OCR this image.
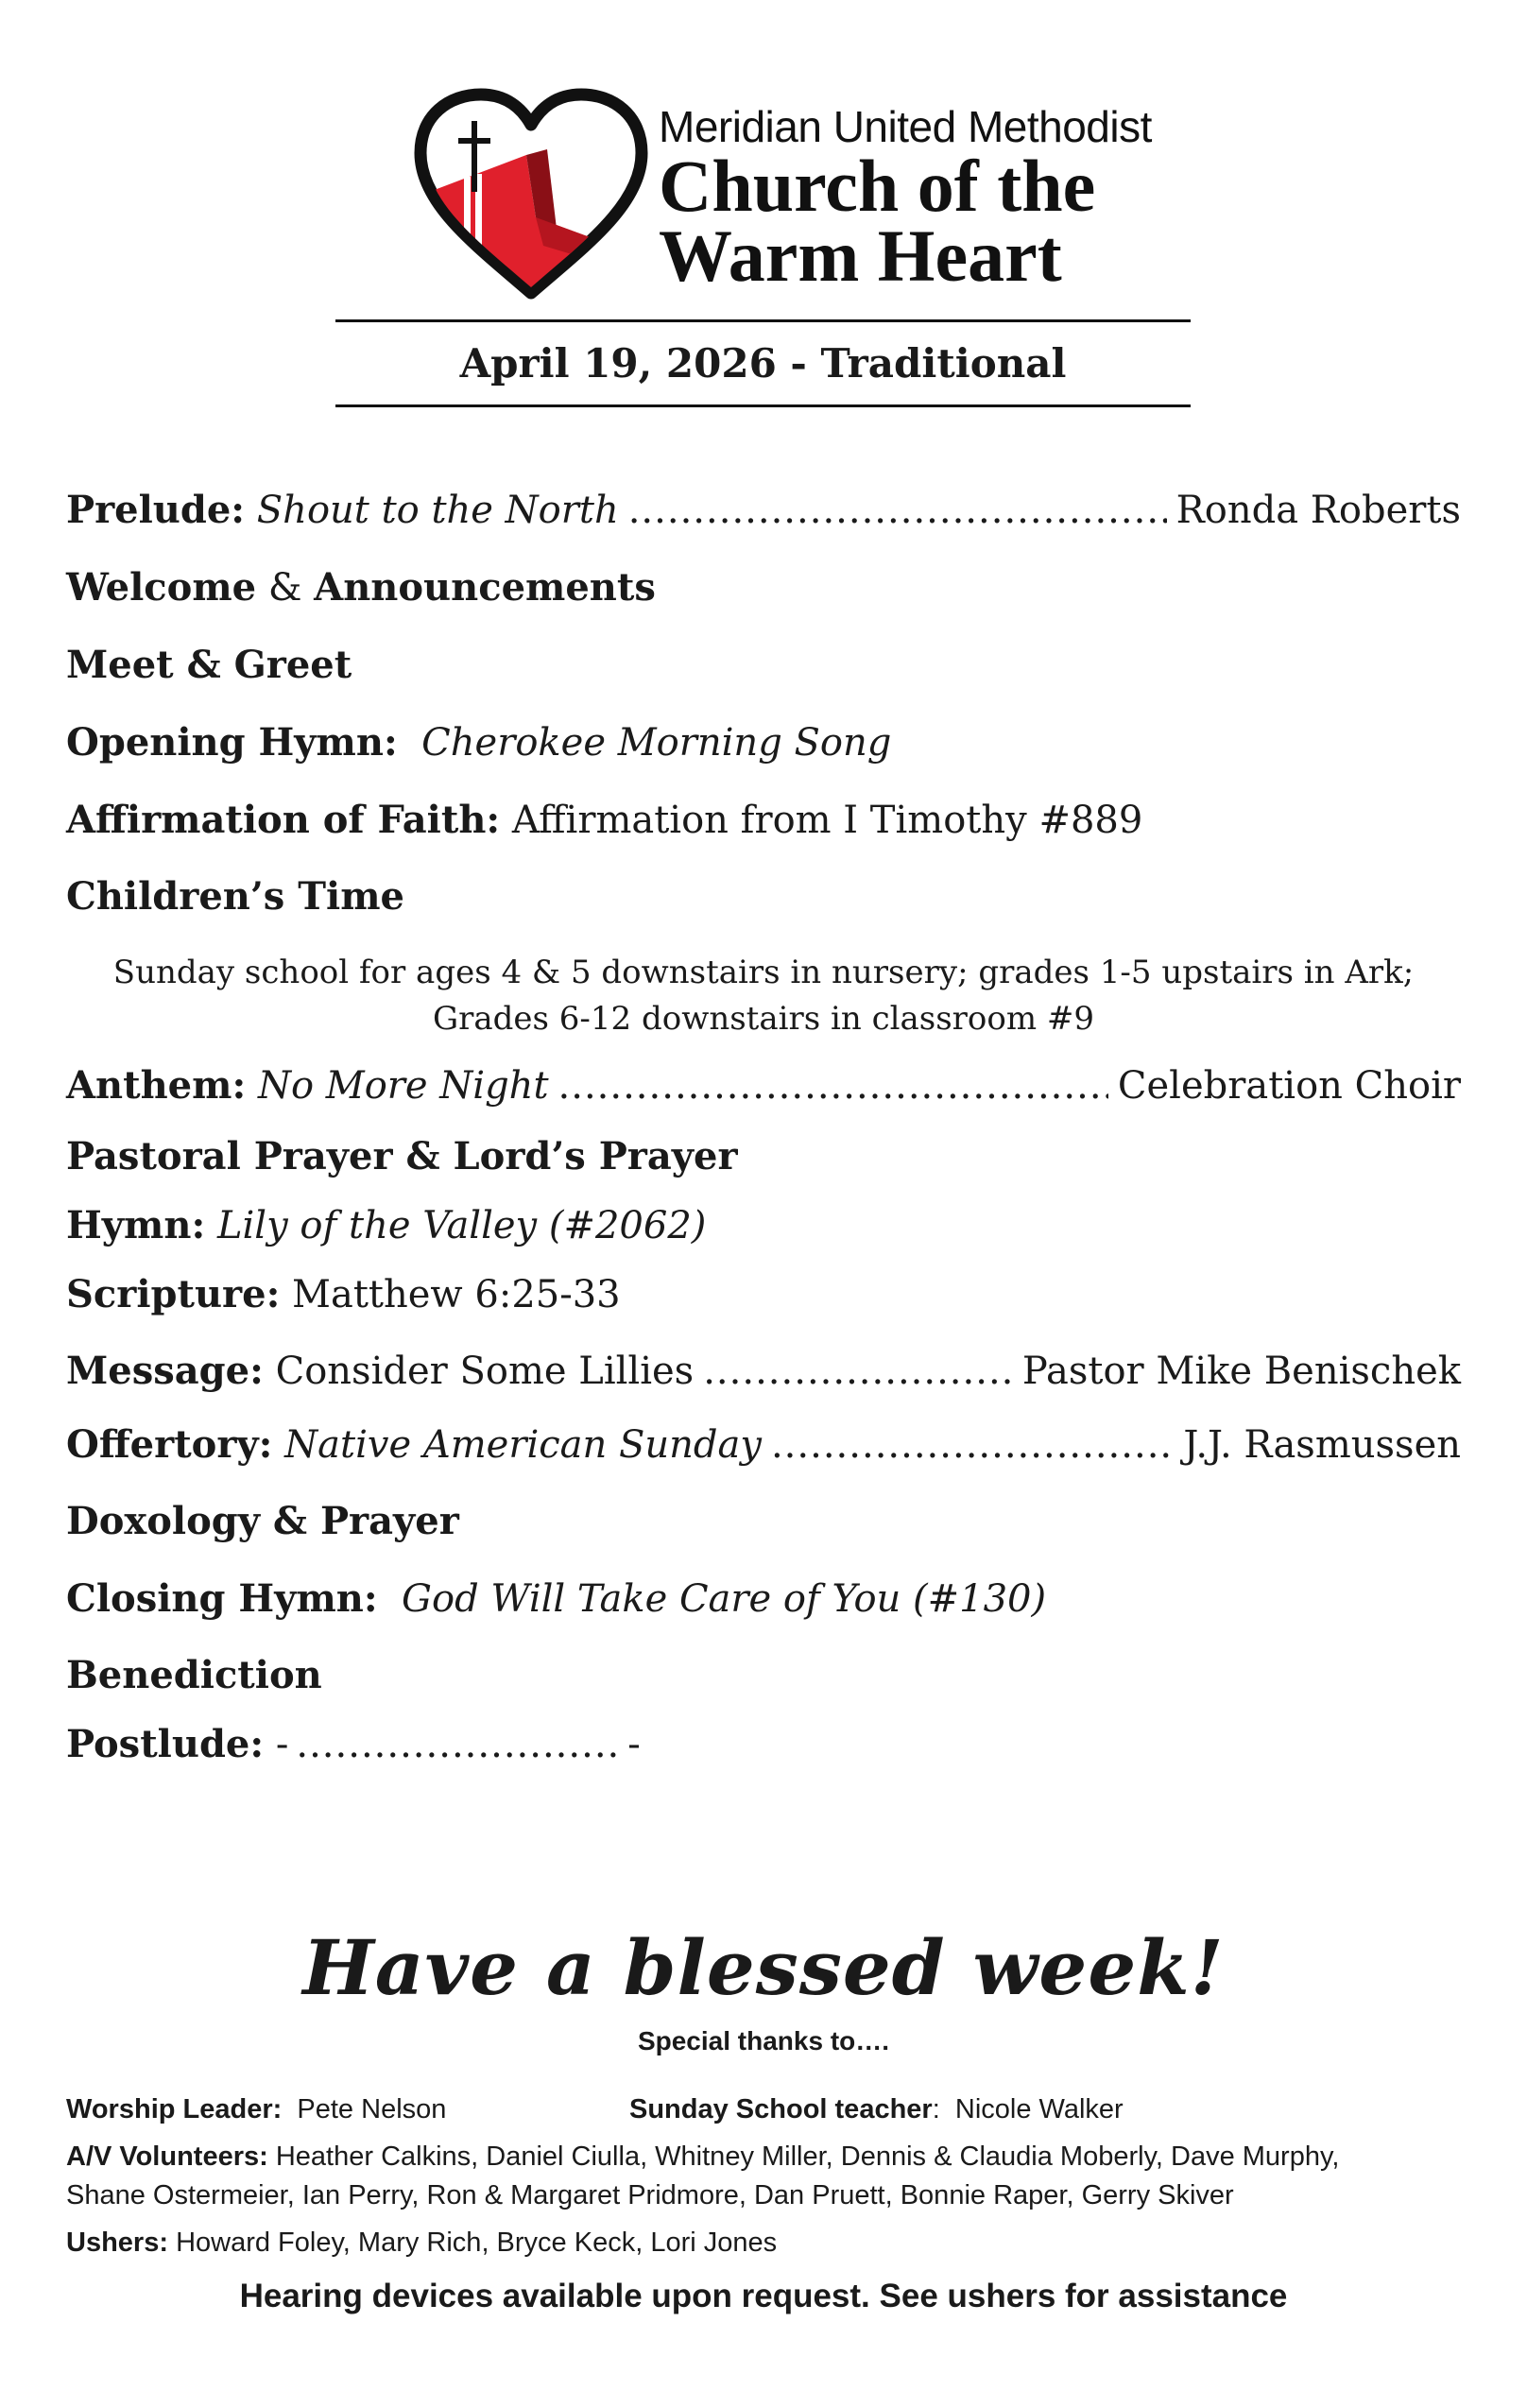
Meridian United Methodist
Church of the
Warm Heart
April 19, 2026 - Traditional
Prelude:
Shout to the North .....	Ronda Roberts
Welcome
&
Announcements
Meet & Greet
Opening Hymn:
Cherokee Morning Song
Affirmation of Faith:
Affirmation from I Timothy #889
Children’s Time
Sunday school for ages 4 & 5 downstairs in nursery; grades 1-5 upstairs in Ark;
Grades 6-12 downstairs in classroom #9
Anthem:
No More Night .....	Celebration Choir
Pastoral Prayer & Lord’s Prayer
Hymn:
Lily of the Valley (#2062)
Scripture:
Matthew 6:25-33
Message:
Consider Some Lillies .....	Pastor Mike Benischek
Offertory:
Native American Sunday .....	J.J. Rasmussen
Doxology & Prayer
Closing Hymn:
God Will Take Care of You (#130)
Benediction
Postlude:
- ......................... -
Have a blessed week!
Special thanks to….
Worship Leader: Pete Nelson	Sunday School teacher: Nicole Walker
A/V Volunteers: Heather Calkins, Daniel Ciulla, Whitney Miller, Dennis & Claudia Moberly, Dave Murphy,
Shane Ostermeier, Ian Perry, Ron & Margaret Pridmore, Dan Pruett, Bonnie Raper, Gerry Skiver
Ushers: Howard Foley, Mary Rich, Bryce Keck, Lori Jones
Hearing devices available upon request. See ushers for assistance
